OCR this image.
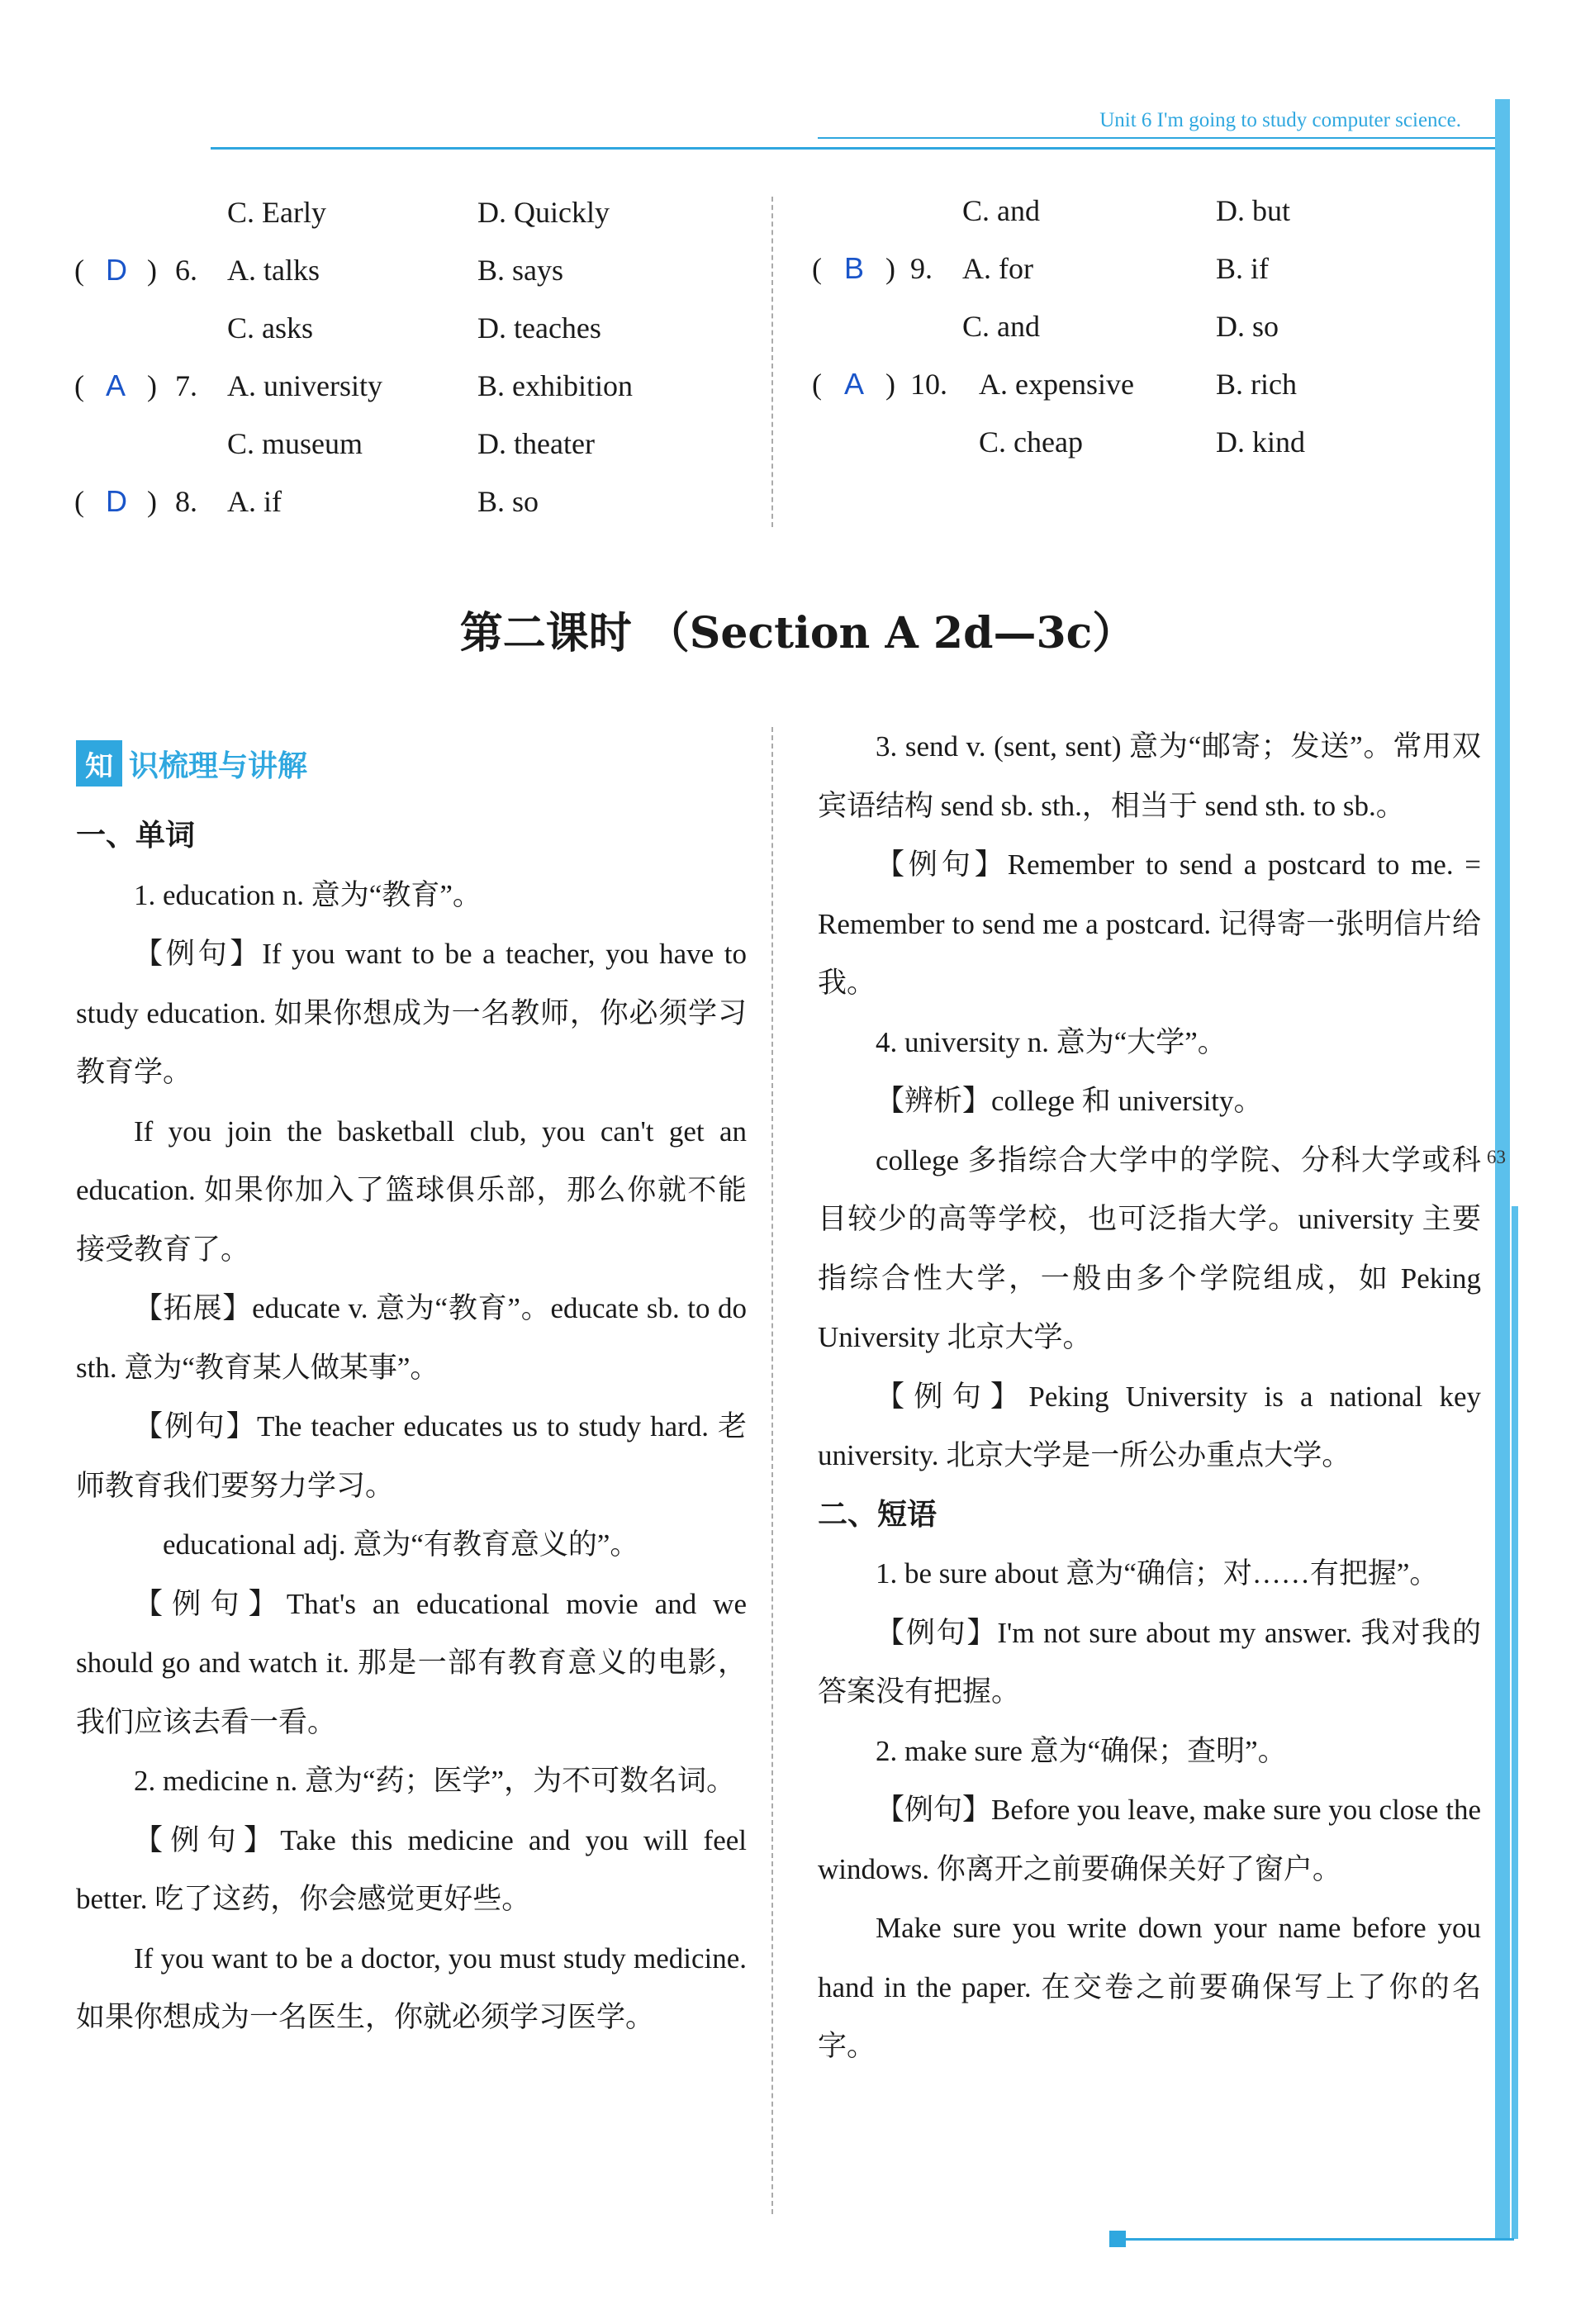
Unit 6 I'm going to study computer science.
63
C. Early	D. Quickly
( D ) 6. A. talks	B. says
C. asks	D. teaches
( A ) 7. A. university	B. exhibition
C. museum	D. theater
( D ) 8. A. if	B. so
C. and	D. but
( B ) 9. A. for	B. if
C. and	D. so
( A ) 10. A. expensive	B. rich
C. cheap	D. kind
第二课时 （Section A 2d—3c）
知 识梳理与讲解
一、单词

1. education n. 意为“教育”。

【例句】If you want to be a teacher, you have to study education. 如果你想成为一名教师，你必须学习教育学。

If you join the basketball club, you can't get an education. 如果你加入了篮球俱乐部，那么你就不能接受教育了。

【拓展】educate v. 意为“教育”。educate sb. to do sth. 意为“教育某人做某事”。

【例句】The teacher educates us to study hard. 老师教育我们要努力学习。

educational adj. 意为“有教育意义的”。

【例句】That's an educational movie and we should go and watch it. 那是一部有教育意义的电影，我们应该去看一看。

2. medicine n. 意为“药；医学”，为不可数名词。

【例句】Take this medicine and you will feel better. 吃了这药，你会感觉更好些。

If you want to be a doctor, you must study medicine. 如果你想成为一名医生，你就必须学习医学。

3. send v. (sent, sent) 意为“邮寄；发送”。常用双宾语结构 send sb. sth.，相当于 send sth. to sb.。

【例句】Remember to send a postcard to me. = Remember to send me a postcard. 记得寄一张明信片给我。

4. university n. 意为“大学”。

【辨析】college 和 university。

college 多指综合大学中的学院、分科大学或科目较少的高等学校，也可泛指大学。university 主要指综合性大学，一般由多个学院组成，如 Peking University 北京大学。

【例句】Peking University is a national key university. 北京大学是一所公办重点大学。

二、短语

1. be sure about 意为“确信；对……有把握”。

【例句】I'm not sure about my answer. 我对我的答案没有把握。

2. make sure 意为“确保；查明”。

【例句】Before you leave, make sure you close the windows. 你离开之前要确保关好了窗户。

Make sure you write down your name before you hand in the paper. 在交卷之前要确保写上了你的名字。
